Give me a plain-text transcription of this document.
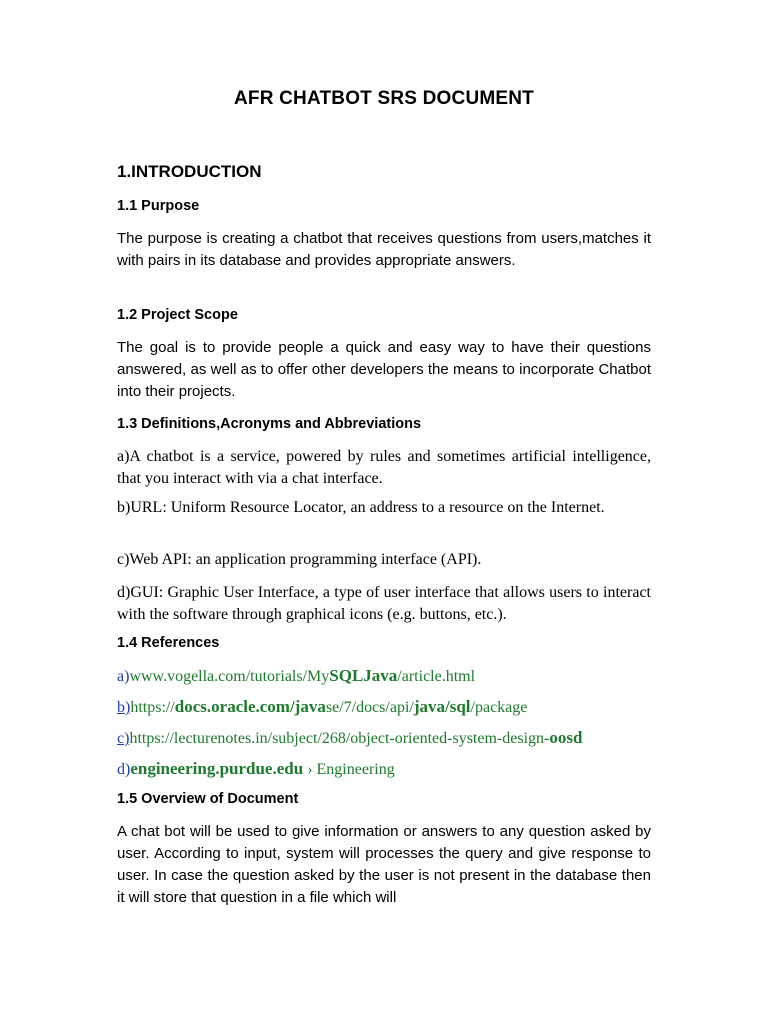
AFR CHATBOT SRS DOCUMENT
1.INTRODUCTION
1.1 Purpose

The purpose is creating a chatbot that receives questions from users,matches it with pairs in its database and provides appropriate answers.

1.2 Project Scope

The goal is to provide people a quick and easy way to have their questions answered, as well as to offer other developers the means to incorporate Chatbot into their projects.

1.3 Definitions,Acronyms and Abbreviations

a)A chatbot is a service, powered by rules and sometimes artificial intelligence, that you interact with via a chat interface.

b)URL: Uniform Resource Locator, an address to a resource on the Internet.

c)Web API: an application programming interface (API).

d)GUI: Graphic User Interface, a type of user interface that allows users to interact with the software through graphical icons (e.g. buttons, etc.).

1.4 References
a)www.vogella.com/tutorials/MySQLJava/article.html
b)https://docs.oracle.com/javase/7/docs/api/java/sql/package
c)https://lecturenotes.in/subject/268/object-oriented-system-design-oosd
d)engineering.purdue.edu › Engineering
1.5 Overview of Document

A chat bot will be used to give information or answers to any question asked by user. According to input, system will processes the query and give response to user. In case the question asked by the user is not present in the database then it will store that question in a file which will
